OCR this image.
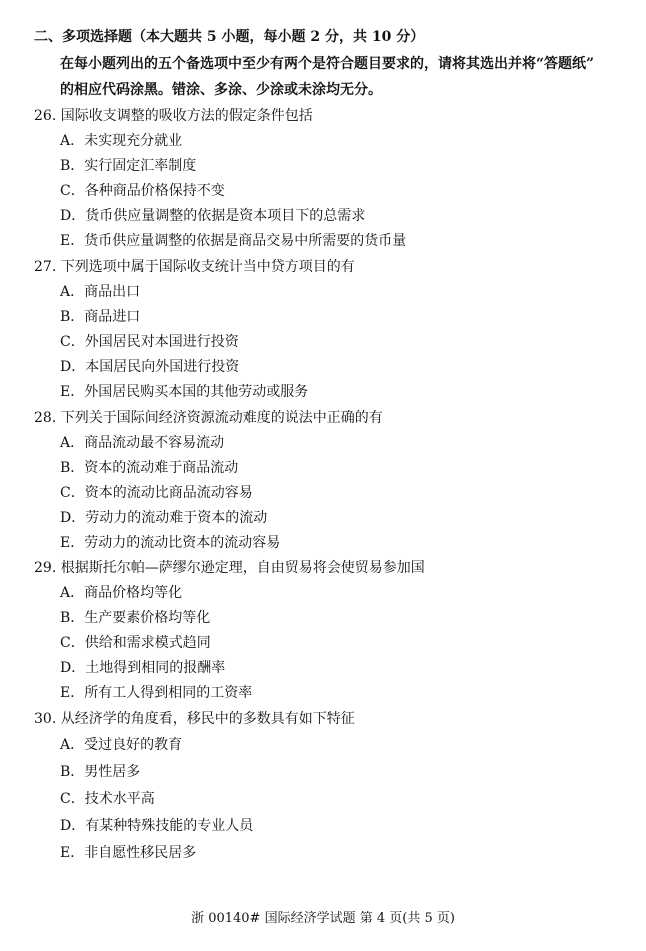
二、多项选择题（本大题共 5 小题，每小题 2 分，共 10 分）

在每小题列出的五个备选项中至少有两个是符合题目要求的，请将其选出并将“答题纸”

的相应代码涂黑。错涂、多涂、少涂或未涂均无分。

26. 国际收支调整的吸收方法的假定条件包括
A．未实现充分就业
B．实行固定汇率制度
C．各种商品价格保持不变
D．货币供应量调整的依据是资本项目下的总需求
E．货币供应量调整的依据是商品交易中所需要的货币量
27. 下列选项中属于国际收支统计当中贷方项目的有
A．商品出口
B．商品进口
C．外国居民对本国进行投资
D．本国居民向外国进行投资
E．外国居民购买本国的其他劳动或服务
28. 下列关于国际间经济资源流动难度的说法中正确的有
A．商品流动最不容易流动
B．资本的流动难于商品流动
C．资本的流动比商品流动容易
D．劳动力的流动难于资本的流动
E．劳动力的流动比资本的流动容易
29. 根据斯托尔帕—萨缪尔逊定理，自由贸易将会使贸易参加国
A．商品价格均等化
B．生产要素价格均等化
C．供给和需求模式趋同
D．土地得到相同的报酬率
E．所有工人得到相同的工资率
30. 从经济学的角度看，移民中的多数具有如下特征
A．受过良好的教育
B．男性居多
C．技术水平高
D．有某种特殊技能的专业人员
E．非自愿性移民居多
浙 00140# 国际经济学试题 第 4 页(共 5 页)
